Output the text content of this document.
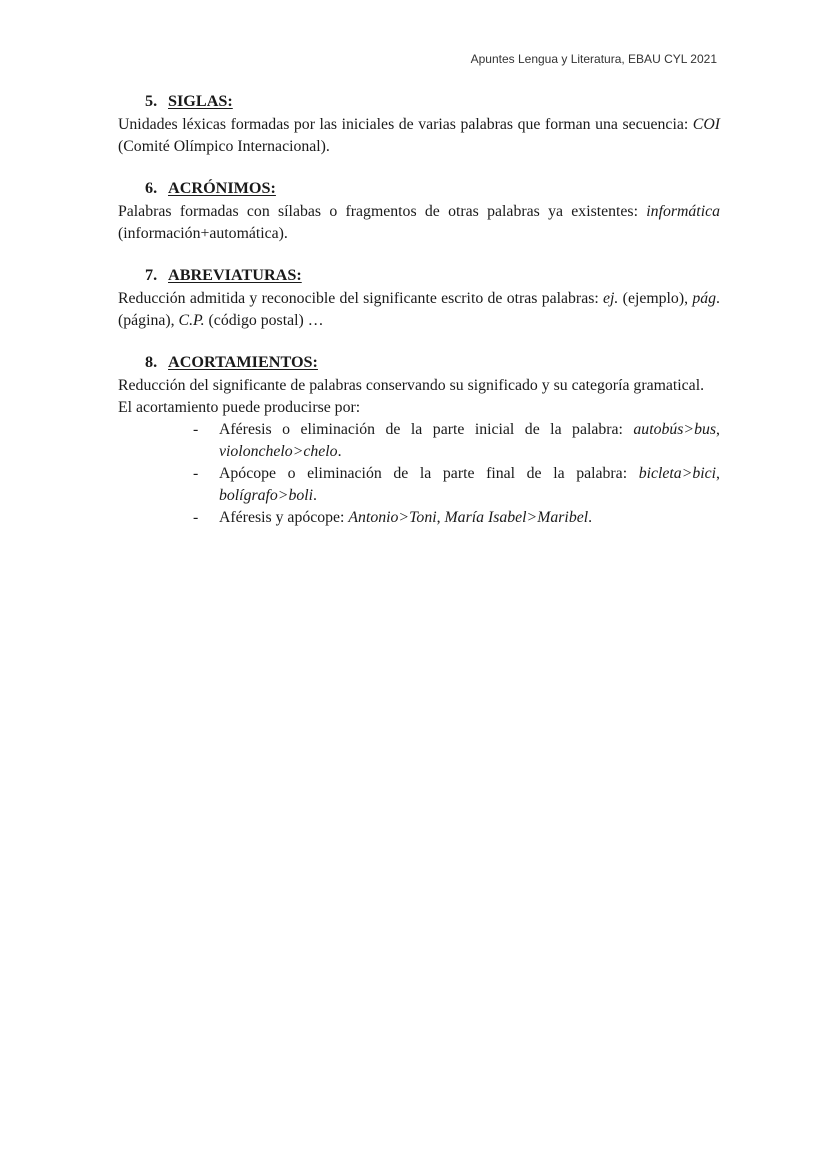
Apuntes Lengua y Literatura, EBAU CYL 2021
5. SIGLAS:

Unidades léxicas formadas por las iniciales de varias palabras que forman una secuencia: COI (Comité Olímpico Internacional).

6. ACRÓNIMOS:

Palabras formadas con sílabas o fragmentos de otras palabras ya existentes: informática (información+automática).

7. ABREVIATURAS:

Reducción admitida y reconocible del significante escrito de otras palabras: ej. (ejemplo), pág. (página), C.P. (código postal) …

8. ACORTAMIENTOS:

Reducción del significante de palabras conservando su significado y su categoría gramatical. El acortamiento puede producirse por:

- Aféresis o eliminación de la parte inicial de la palabra: autobús>bus, violonchelo>chelo.
- Apócope o eliminación de la parte final de la palabra: bicleta>bici, bolígrafo>boli.
- Aféresis y apócope: Antonio>Toni, María Isabel>Maribel.
